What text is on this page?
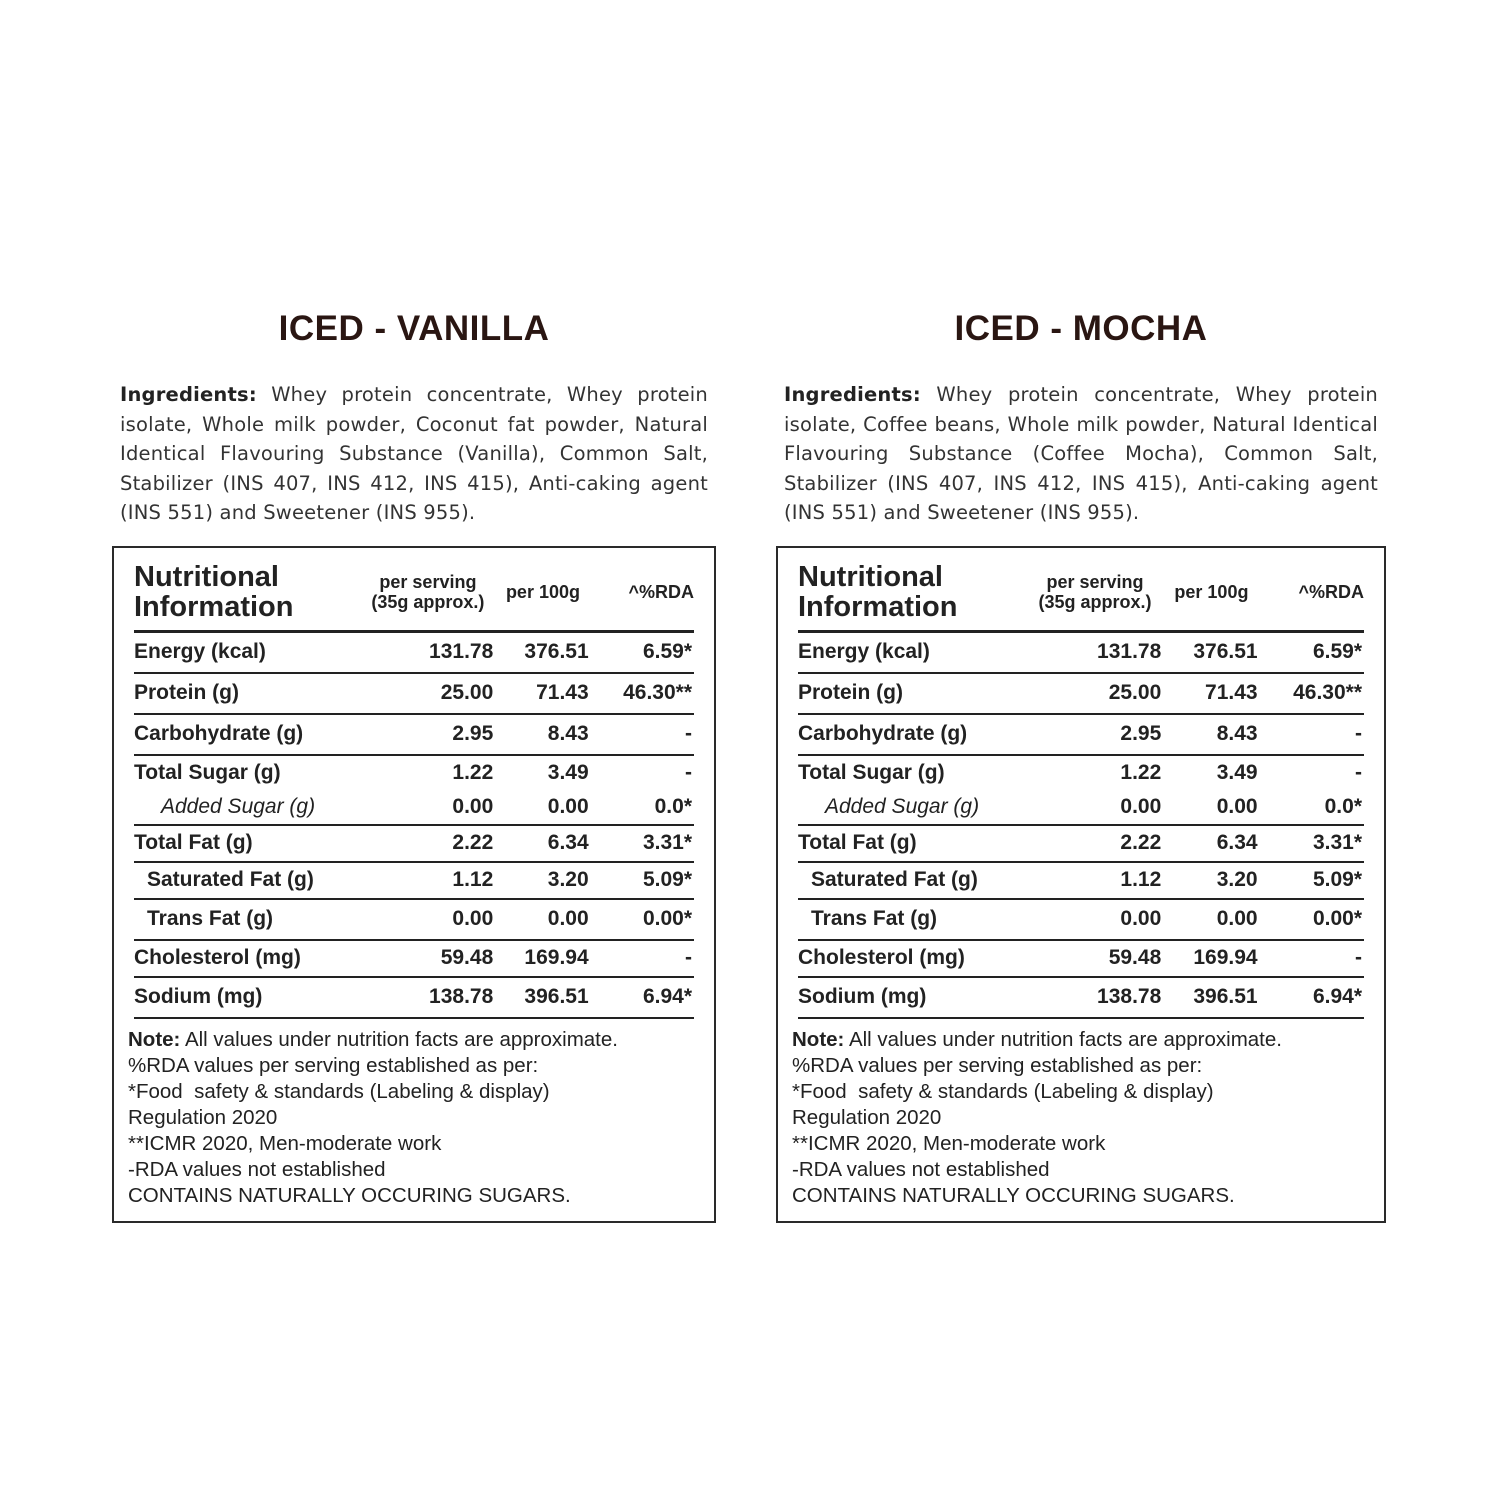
ICED - VANILLA

Ingredients: Whey protein concentrate, Whey protein isolate, Whole milk powder, Coconut fat powder, Natural Identical Flavouring Substance (Vanilla), Common Salt, Stabilizer (INS 407, INS 412, INS 415), Anti-caking agent (INS 551) and Sweetener (INS 955).

Nutritional Information	per serving (35g approx.)	per 100g	^%RDA
Energy (kcal)	131.78	376.51	6.59*
Protein (g)	25.00	71.43	46.30**
Carbohydrate (g)	2.95	8.43	-
Total Sugar (g)	1.22	3.49	-
Added Sugar (g)	0.00	0.00	0.0*
Total Fat (g)	2.22	6.34	3.31*
Saturated Fat (g)	1.12	3.20	5.09*
Trans Fat (g)	0.00	0.00	0.00*
Cholesterol (mg)	59.48	169.94	-
Sodium (mg)	138.78	396.51	6.94*
Note: All values under nutrition facts are approximate.
%RDA values per serving established as per:
*Food  safety & standards (Labeling & display)
Regulation 2020
**ICMR 2020, Men-moderate work
-RDA values not established
CONTAINS NATURALLY OCCURING SUGARS.
ICED - MOCHA

Ingredients: Whey protein concentrate, Whey protein isolate, Coffee beans, Whole milk powder, Natural Identical Flavouring Substance (Coffee Mocha), Common Salt, Stabilizer (INS 407, INS 412, INS 415), Anti-caking agent (INS 551) and Sweetener (INS 955).

Nutritional Information	per serving (35g approx.)	per 100g	^%RDA
Energy (kcal)	131.78	376.51	6.59*
Protein (g)	25.00	71.43	46.30**
Carbohydrate (g)	2.95	8.43	-
Total Sugar (g)	1.22	3.49	-
Added Sugar (g)	0.00	0.00	0.0*
Total Fat (g)	2.22	6.34	3.31*
Saturated Fat (g)	1.12	3.20	5.09*
Trans Fat (g)	0.00	0.00	0.00*
Cholesterol (mg)	59.48	169.94	-
Sodium (mg)	138.78	396.51	6.94*
Note: All values under nutrition facts are approximate.
%RDA values per serving established as per:
*Food  safety & standards (Labeling & display)
Regulation 2020
**ICMR 2020, Men-moderate work
-RDA values not established
CONTAINS NATURALLY OCCURING SUGARS.
